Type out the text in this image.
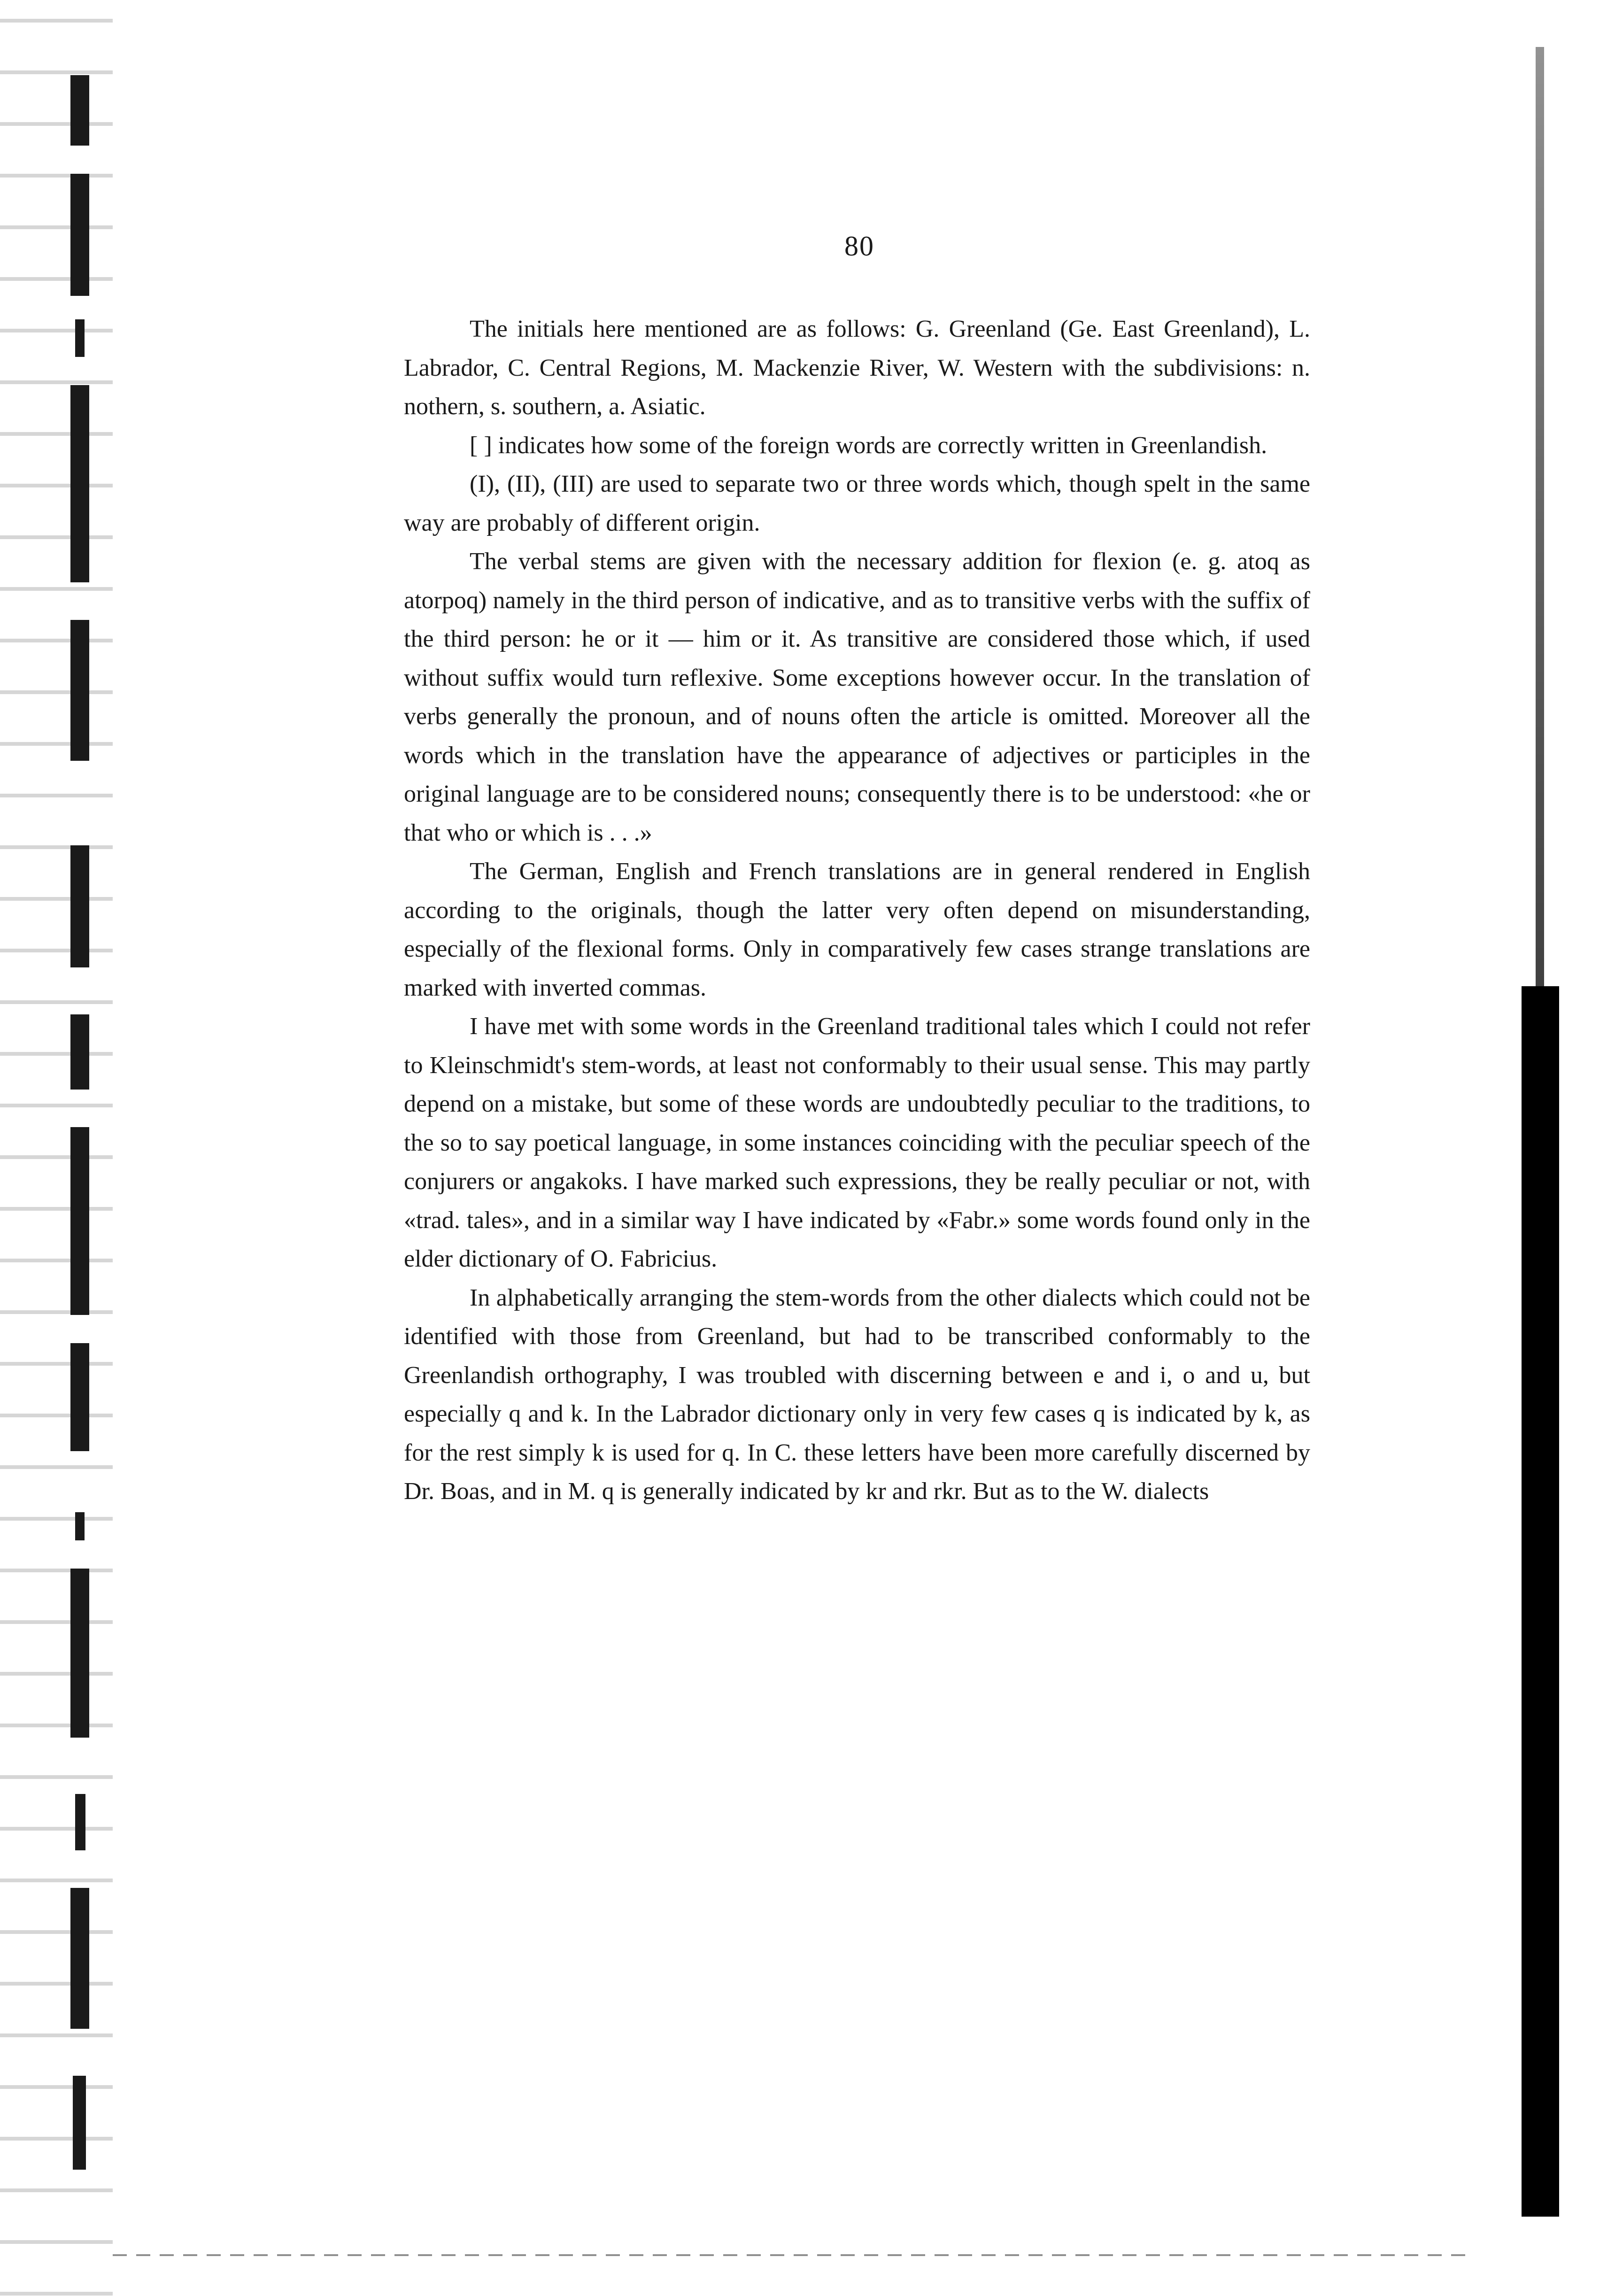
80

The initials here mentioned are as follows: G. Greenland (Ge. East Greenland), L. Labrador, C. Central Regions, M. Mackenzie River, W. Western with the subdivisions: n. nothern, s. southern, a. Asiatic.

[ ] indicates how some of the foreign words are correctly written in Greenlandish.

(I), (II), (III) are used to separate two or three words which, though spelt in the same way are probably of different origin.

The verbal stems are given with the necessary addition for flexion (e. g. atoq as atorpoq) namely in the third person of indicative, and as to transitive verbs with the suffix of the third person: he or it — him or it. As transitive are considered those which, if used without suffix would turn reflexive. Some exceptions however occur. In the translation of verbs generally the pronoun, and of nouns often the article is omitted. Moreover all the words which in the translation have the appearance of adjectives or participles in the original language are to be considered nouns; consequently there is to be understood: «he or that who or which is . . .»

The German, English and French translations are in general rendered in English according to the originals, though the latter very often depend on misunderstanding, especially of the flexional forms. Only in comparatively few cases strange translations are marked with inverted commas.

I have met with some words in the Greenland traditional tales which I could not refer to Kleinschmidt's stem-words, at least not conformably to their usual sense. This may partly depend on a mistake, but some of these words are undoubtedly peculiar to the traditions, to the so to say poetical language, in some instances coinciding with the peculiar speech of the conjurers or angakoks. I have marked such expressions, they be really peculiar or not, with «trad. tales», and in a similar way I have indicated by «Fabr.» some words found only in the elder dictionary of O. Fabricius.

In alphabetically arranging the stem-words from the other dialects which could not be identified with those from Greenland, but had to be transcribed conformably to the Greenlandish orthography, I was troubled with discerning between e and i, o and u, but especially q and k. In the Labrador dictionary only in very few cases q is indicated by k, as for the rest simply k is used for q. In C. these letters have been more carefully discerned by Dr. Boas, and in M. q is generally indicated by kr and rkr. But as to the W. dialects
